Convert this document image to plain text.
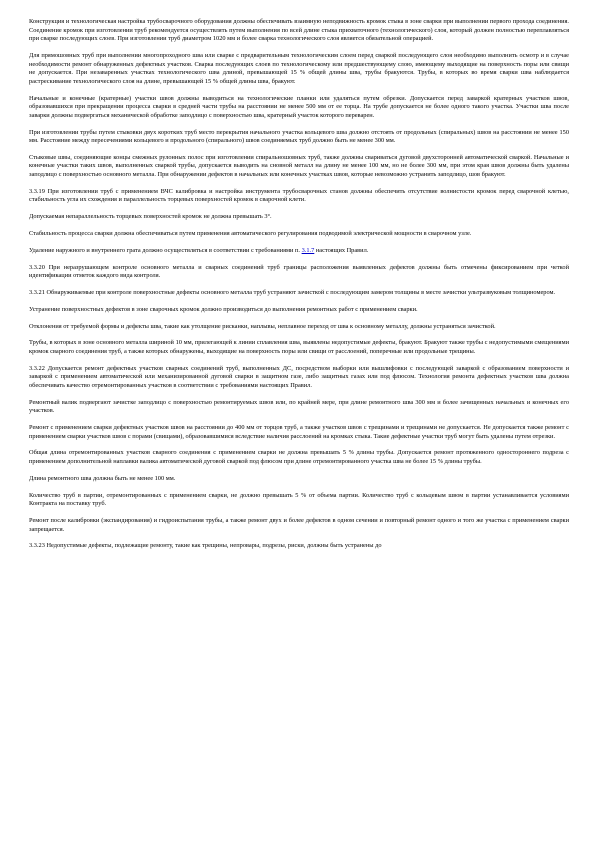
Конструкция и технологическая настройка трубосварочного оборудования должны обеспечивать взаимную неподвижность кромок стыка в зоне сварки при выполнении первого прохода соединения. Соединение кромок при изготовлении труб рекомендуется осуществлять путем выполнения по всей длине стыка прихваточного (технологического) слоя, который должен полностью переплавляться при сварке последующих слоев. При изготовлении труб диаметром 1020 мм и более сварка технологического слоя является обязательной операцией.

Для прямошовных труб при выполнении многопроходного шва или сварке с предварительным технологическим слоем перед сваркой последующего слоя необходимо выполнить осмотр и в случае необходимости ремонт обнаруженных дефектных участков. Сварка последующих слоев по технологическому или предшествующему слою, имеющему выходящие на поверхность поры или свищи не допускается. При незаваренных участках технологического шва длиной, превышающей 15 % общей длины шва, трубы бракуются. Трубы, в которых во время сварки шва наблюдается растрескивание технологического слоя на длине, превышающей 15 % общей длины шва, бракуют.

Начальные и конечные (кратерные) участки швов должны выводиться на технологические планки или удаляться путем обрезки. Допускается перед заваркой кратерных участков швов, образовавшихся при прекращении процесса сварки в средней части трубы на расстоянии не менее 500 мм от ее торца. На трубе допускается не более одного такого участка. Участки шва после заварки должны подвергаться механической обработке заподлицо с поверхностью шва, кратерный участок которого переварен.

При изготовлении трубы путем стыковки двух коротких труб место перекрытия начального участка кольцевого шва должно отстоять от продольных (спиральных) швов на расстоянии не менее 150 мм. Расстояние между пересечениями кольцевого и продольного (спирального) швов соединяемых труб должно быть не менее 300 мм.

Стыковые швы, соединяющие концы смежных рулонных полос при изготовлении спиральношовных труб, также должны свариваться дуговой двухсторонней автоматической сваркой. Начальные и конечные участки таких швов, выполненных сваркой трубы, допускается выводить на сновной металл на длину не менее 100 мм, но не более 300 мм, при этом края швов должны быть удалены заподлицо с поверхностью основного металла. При обнаружении дефектов в начальных или конечных участках швов, которые невозможно устранить заподлицо, шов бракуют.

3.3.19 При изготовлении труб с применением ВЧС калибровка и настройка инструмента трубосварочных станов должны обеспечить отсутствие волнистости кромок перед сварочной клетью, стабильность угла их схождения и параллельность торцевых поверхностей кромок в сварочной клети.

Допускаемая непараллельность торцевых поверхностей кромок не должна превышать 3°.

Стабильность процесса сварки должна обеспечиваться путем применения автоматического регулирования подводимой электрической мощности в сварочном узле.

Удаление наружного и внутреннего грата должно осуществляться в соответствии с требованиями п. 3.1.7 настоящих Правил.

3.3.20 При неразрушающем контроле основного металла и сварных соединений труб границы расположения выявленных дефектов должны быть отмечены фиксированием при четкой идентификации отметок каждого вида контроля.

3.3.21 Обнаруживаемые при контроле поверхностные дефекты основного металла труб устраняют зачисткой с последующим замером толщины в месте зачистки ультразвуковым толщиномером.

Устранение поверхностных дефектов в зоне сварочных кромок должно производиться до выполнения ремонтных работ с применением сварки.

Отклонения от требуемой формы и дефекты шва, такие как утолщение рисканки, наплывы, неплавное переход от шва к основному металлу, должны устраняться зачисткой.

Трубы, в которых в зоне основного металла шириной 10 мм, прилегающей к линии сплавления шва, выявлены недопустимые дефекты, бракуют. Бракуют также трубы с недопустимыми смещениями кромок сварного соединения труб, а также которых обнаружены, выходящие на поверхность поры или свищи от расслоений, поперечные или продольные трещины.

3.3.22 Допускается ремонт дефектных участков сварных соединений труб, выполненных ДС, посредством выборки или вышлифовки с последующей заваркой с образованием поверхности и заваркой с применением автоматической или механизированной дуговой сварки в защитном газе, либо защитных газах или под флюсом. Технология ремонта дефектных участков шва должна обеспечивать качество отремонтированных участков в соответствии с требованиями настоящих Правил.

Ремонтный валик подвергают зачистке заподлицо с поверхностью ремонтируемых швов или, по крайней мере, при длине ремонтного шва 300 мм и более зачищенных начальных и конечных его участков.

Ремонт с применением сварки дефектных участков швов на расстоянии до 400 мм от торцов труб, а также участков швов с трещинами и трещинами не допускается. Не допускается также ремонт с применением сварки участков швов с порами (свищами), образовавшимися вследствие наличия расслоений на кромках стыка. Такие дефектные участки труб могут быть удалены путем отрезки.

Общая длина отремонтированных участков сварного соединения с применением сварки не должна превышать 5 % длины трубы. Допускается ремонт протяженного одностороннего подреза с применением дополнительной наплавки валика автоматической дуговой сваркой под флюсом при длине отремонтированного участка шва не более 15 % длины трубы.

Длина ремонтного шва должна быть не менее 100 мм.

Количество труб в партии, отремонтированных с применением сварки, не должно превышать 5 % от объема партии. Количество труб с кольцевым швом в партии устанавливается условиями Контракта на поставку труб.

Ремонт после калибровки (экспандирования) и гидроиспытания трубы, а также ремонт двух и более дефектов в одном сечении и повторный ремонт одного и того же участка с применением сварки запрещается.

3.3.23 Недопустимые дефекты, подлежащие ремонту, такие как трещины, непровары, подрезы, риски, должны быть устранены до
